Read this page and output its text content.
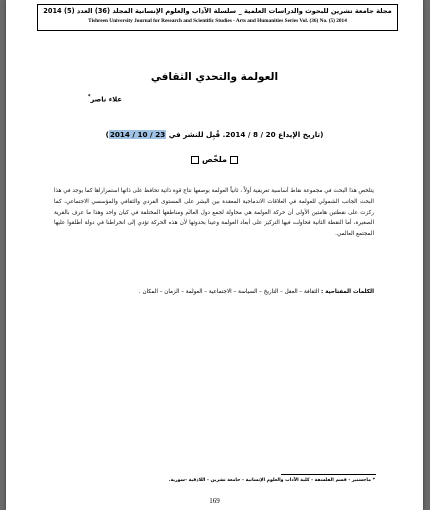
مجلة جامعة تشرين للبحوث والدراسات العلمية _ سلسلة الآداب والعلوم الإنسانية المجلد (36) العدد (5) 2014
Tishreen University Journal for Research and Scientific Studies - Arts and Humanities Series Vol. (36) No. (5) 2014
العولمة والتحدي الثقافي
علاء ناصر*
(تاريخ الإيداع 20 / 8 / 2014. قُبِل للنشر في 23 / 10 / 2014)
ملخّص
يتلخص هذا البحث في مجموعة نقاط أساسية تعريفية أولاً ، ثانياً العولمة بوصفها نتاج قوة ذاتية تحافظ على ذاتها استمراراها كما يوجد في هذا البحث الجانب الشمولي للعولمة في العلاقات الاندماجية المعقدة بين البشر على المستوى الفردي والثقافي والمؤسسي الاجتماعي، كما ركزت على نقطتين هامتين الأولى أن حركة العولمة هي محاولة لجمع دول العالم ومناطقها المختلفة في كيان واحد وهذا ما عرف بالقرية الصغيرة، أما النقطة الثانية فحاولت فيها التركيز على أبعاد العولمة وعينا بحدوثها لأن هذه الحركة تؤدي إلى انخراطنا في دولة أطلقوا عليها المجتمع العالمي.
الكلمات المفتاحية : الثقافة – العقل – التاريخ – السياسة – الاجتماعية – العولمة – الزمان – المكان .
* ماجستير - قسم الفلسفة - كلية الآداب والعلوم الإنسانية - جامعة تشرين - اللاذقية -سورية.
169
